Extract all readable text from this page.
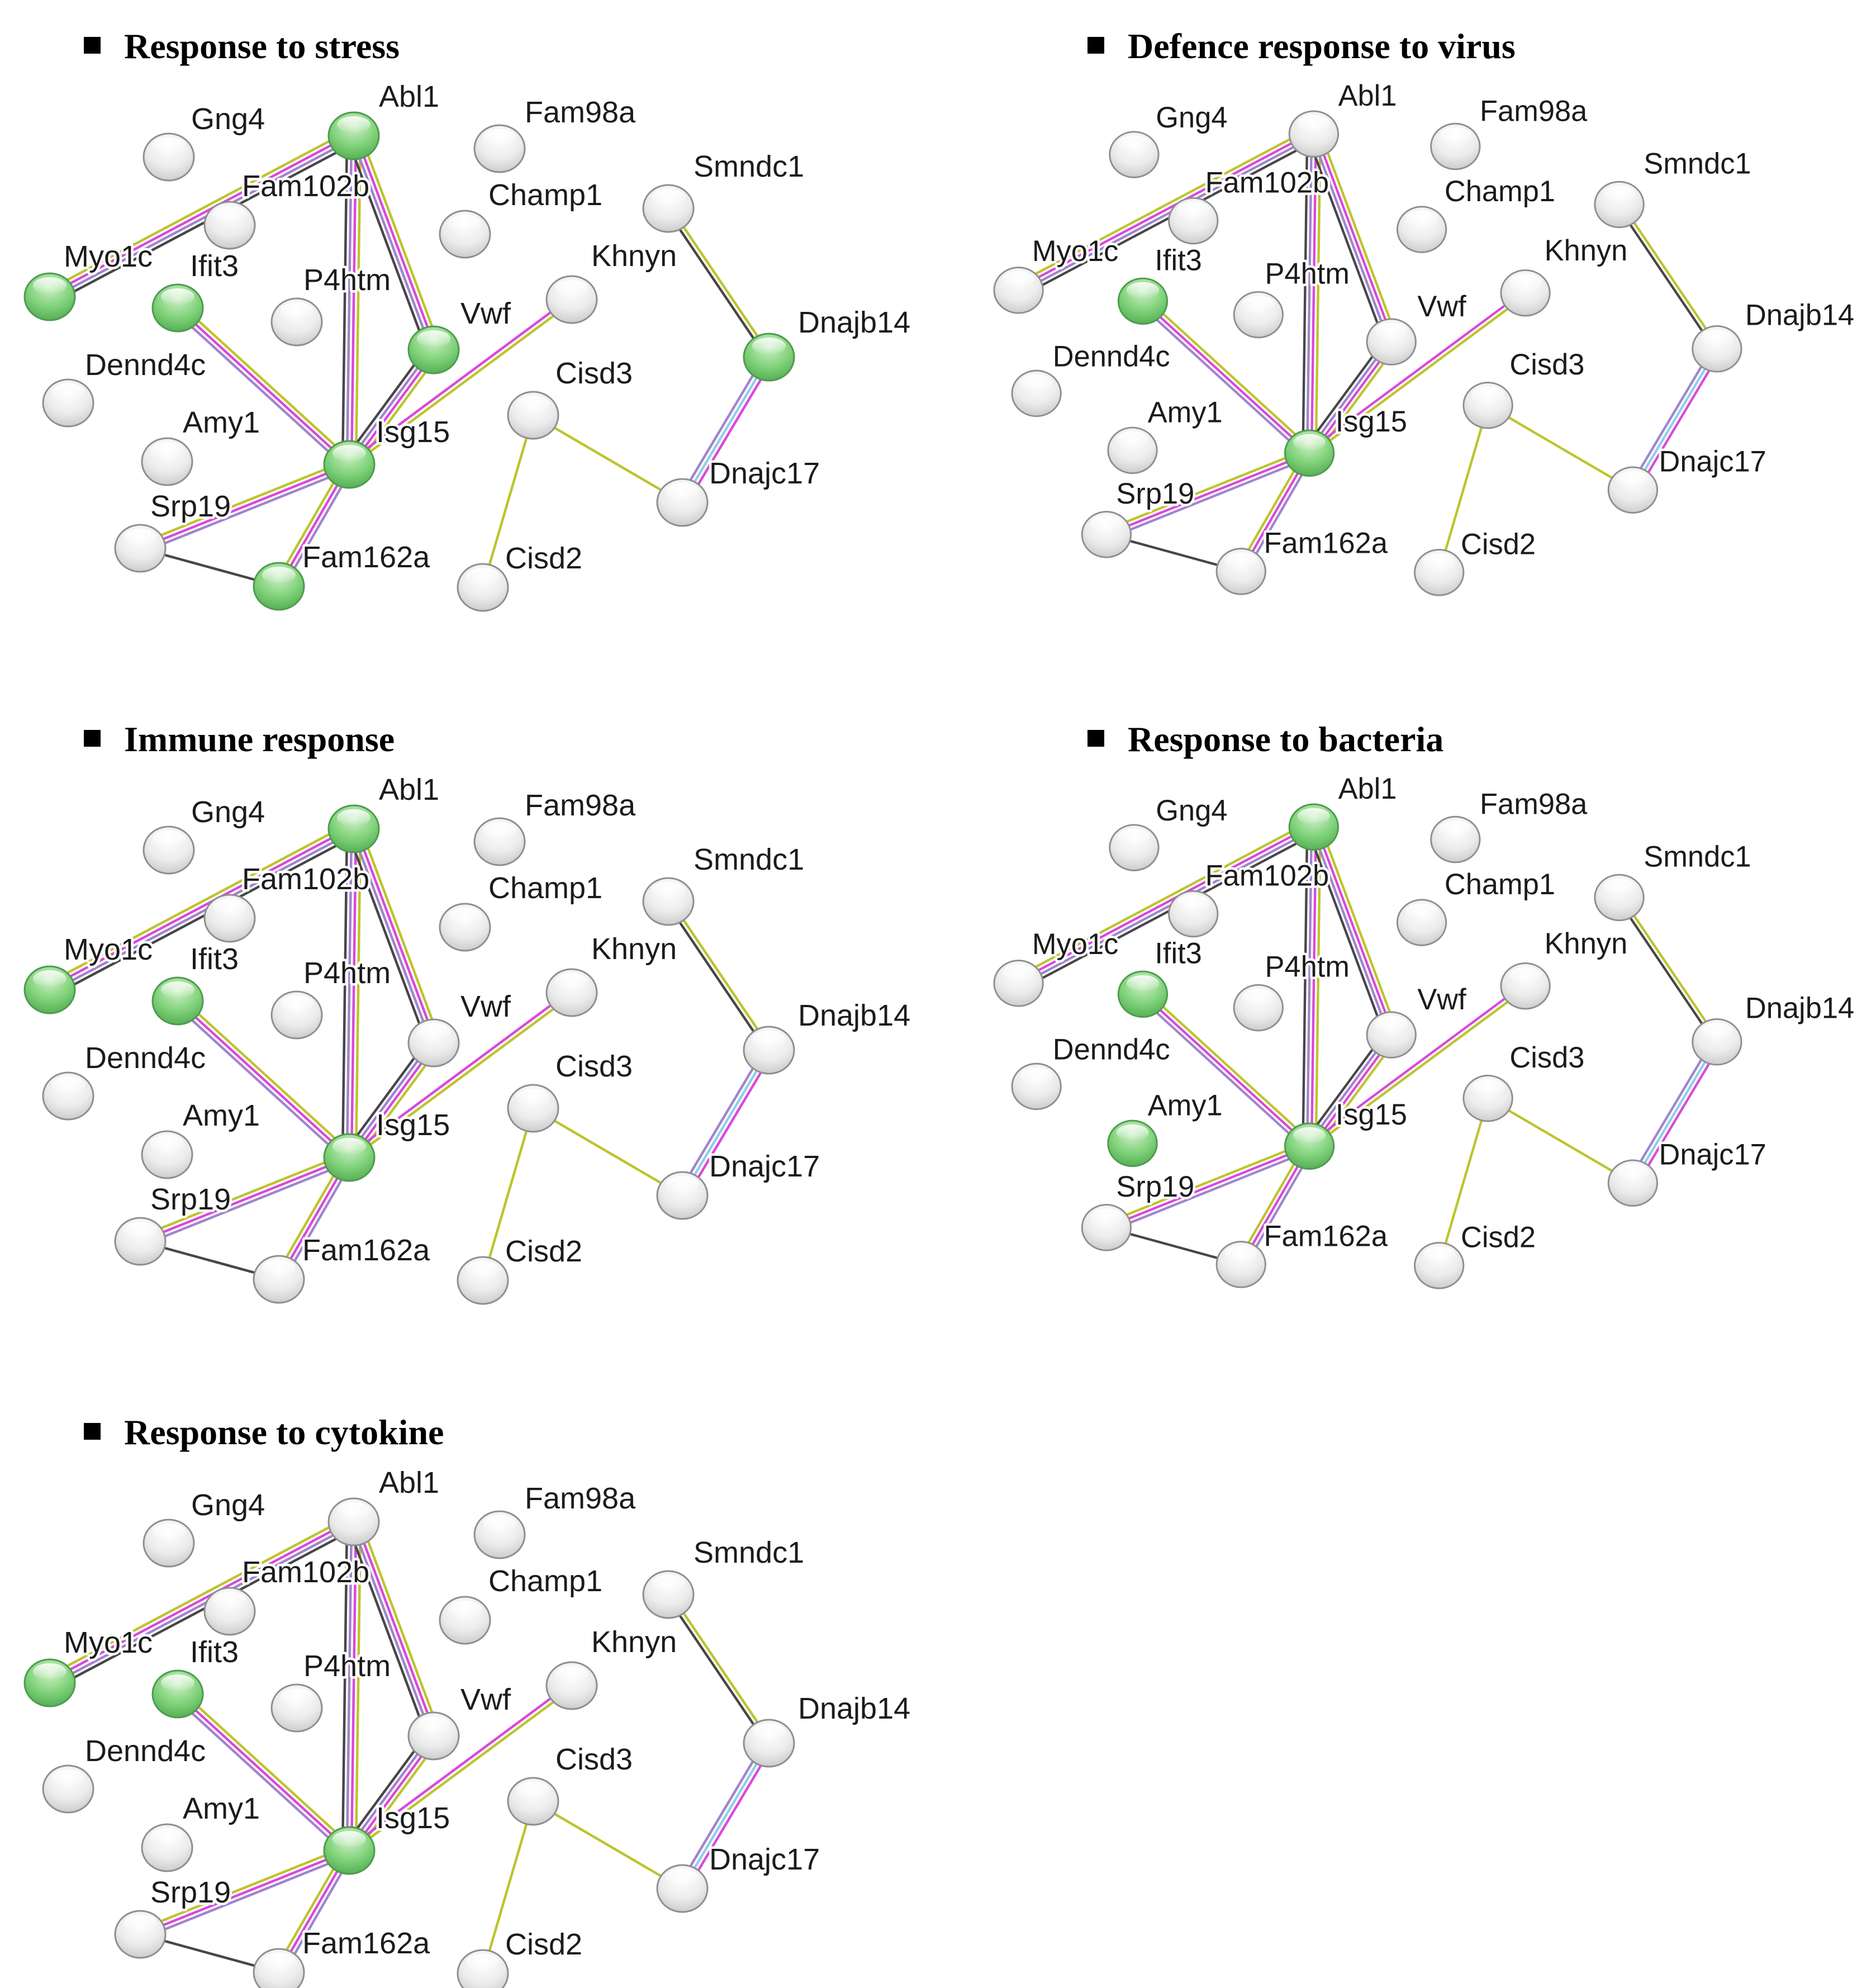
Response to stress
Abl1
Gng4	Fam98a
Fam102b	Champ1
Smndc1
Myo1c Ifit3 P4htm
Khnyn
Vwf	Dnajb14
Dennd4c	Cisd3
Amy1	Isg15
Dnajc17
Srp19
Fam162a Cisd2
Defence response to virus
Abl1
Gng4	Fam98a
Fam102b	Champ1
Smndc1
Myo1c Ifit3 P4htm
Khnyn
Vwf	Dnajb14
Dennd4c	Cisd3
Amy1	Isg15
Dnajc17
Srp19
Fam162a Cisd2
Immune response
Abl1
Gng4	Fam98a
Fam102b	Champ1
Smndc1
Myo1c Ifit3 P4htm
Khnyn
Vwf	Dnajb14
Dennd4c	Cisd3
Amy1	Isg15
Dnajc17
Srp19
Fam162a Cisd2
Response to bacteria
Abl1
Gng4	Fam98a
Fam102b	Champ1
Smndc1
Myo1c Ifit3 P4htm
Khnyn
Vwf	Dnajb14
Dennd4c	Cisd3
Amy1	Isg15
Dnajc17
Srp19
Fam162a Cisd2
Response to cytokine
Abl1
Gng4	Fam98a
Fam102b	Champ1
Smndc1
Myo1c Ifit3 P4htm
Khnyn
Vwf	Dnajb14
Dennd4c	Cisd3
Amy1	Isg15
Dnajc17
Srp19
Fam162a Cisd2
